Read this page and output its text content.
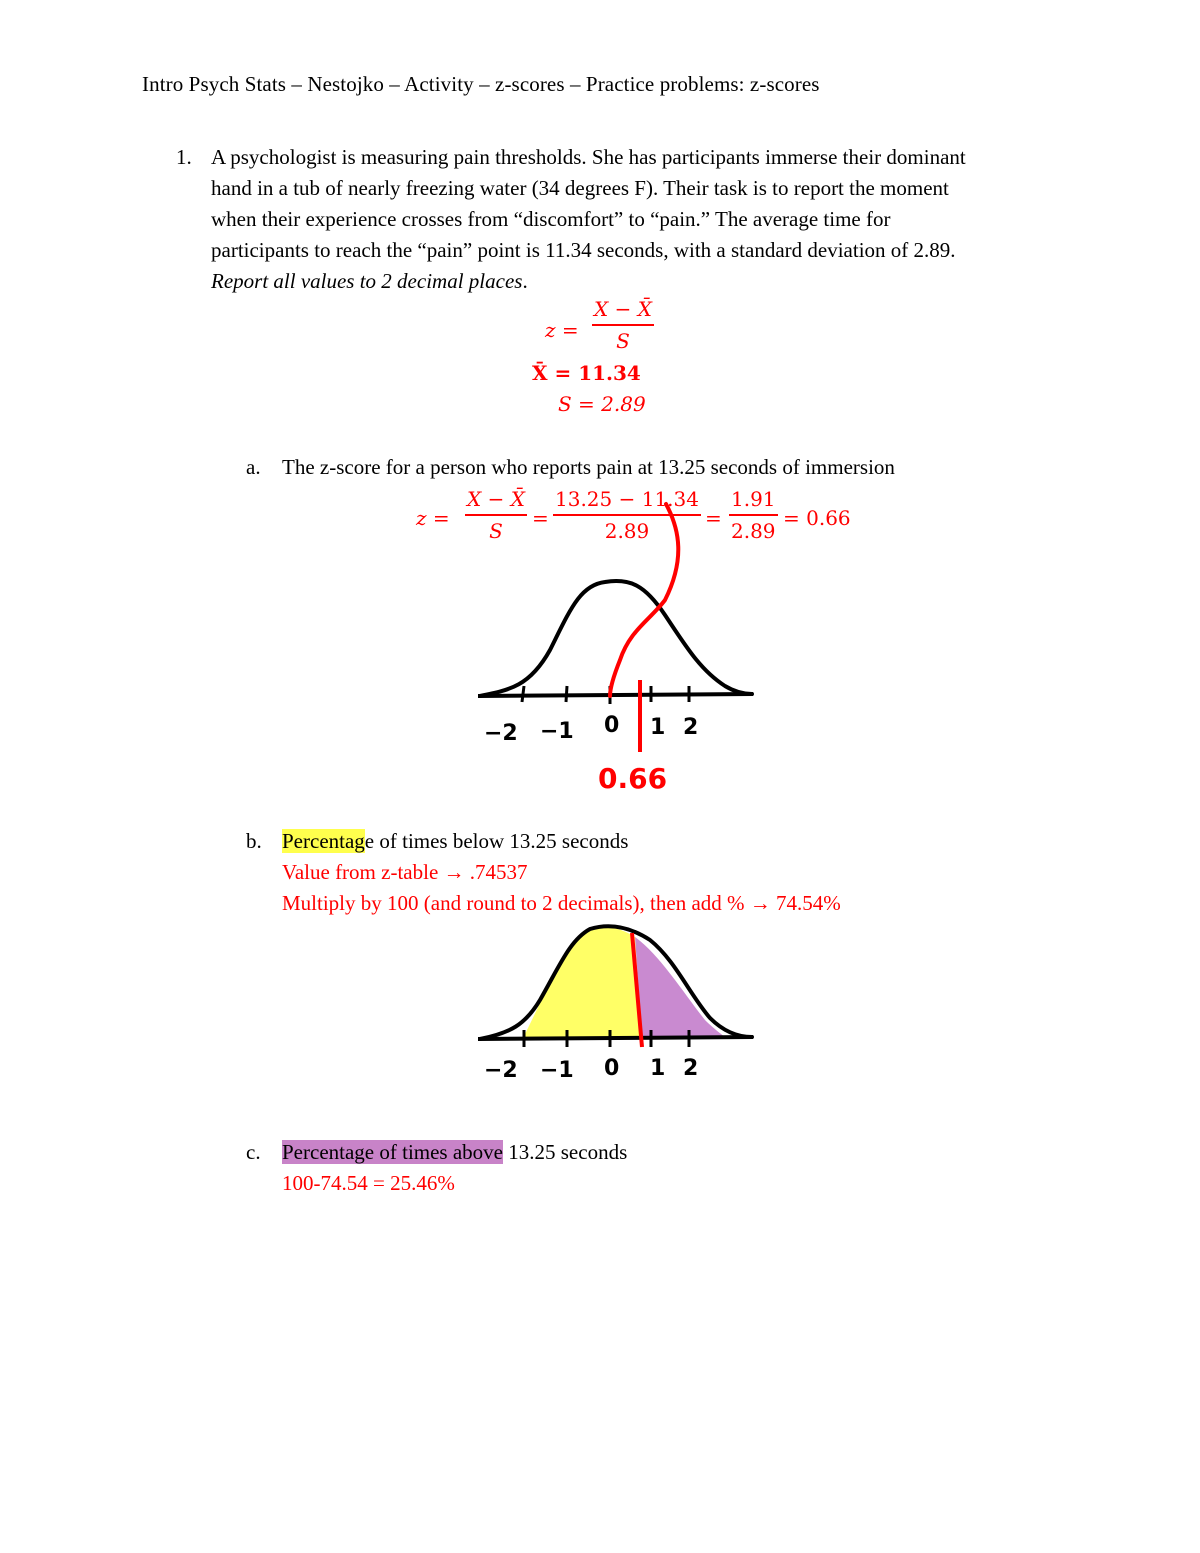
Intro Psych Stats – Nestojko – Activity – z-scores – Practice problems: z-scores
1. A psychologist is measuring pain thresholds. She has participants immerse their dominant
hand in a tub of nearly freezing water (34 degrees F). Their task is to report the moment
when their experience crosses from “discomfort” to “pain.” The average time for
participants to reach the “pain” point is 11.34 seconds, with a standard deviation of 2.89.
Report all values to 2 decimal places.
z =
X − X̄
S
X̄ = 11.34
S = 2.89
a. The z-score for a person who reports pain at 13.25 seconds of immersion
z =
X − X̄
S
=
13.25 − 11.34
2.89
=
1.91
2.89
= 0.66
−2 −1 0 1 2
0.66
b. Percentage of times below 13.25 seconds
Value from z-table → .74537
Multiply by 100 (and round to 2 decimals), then add % → 74.54%
−2 −1 0 1 2
c. Percentage of times above 13.25 seconds
100-74.54 = 25.46%
